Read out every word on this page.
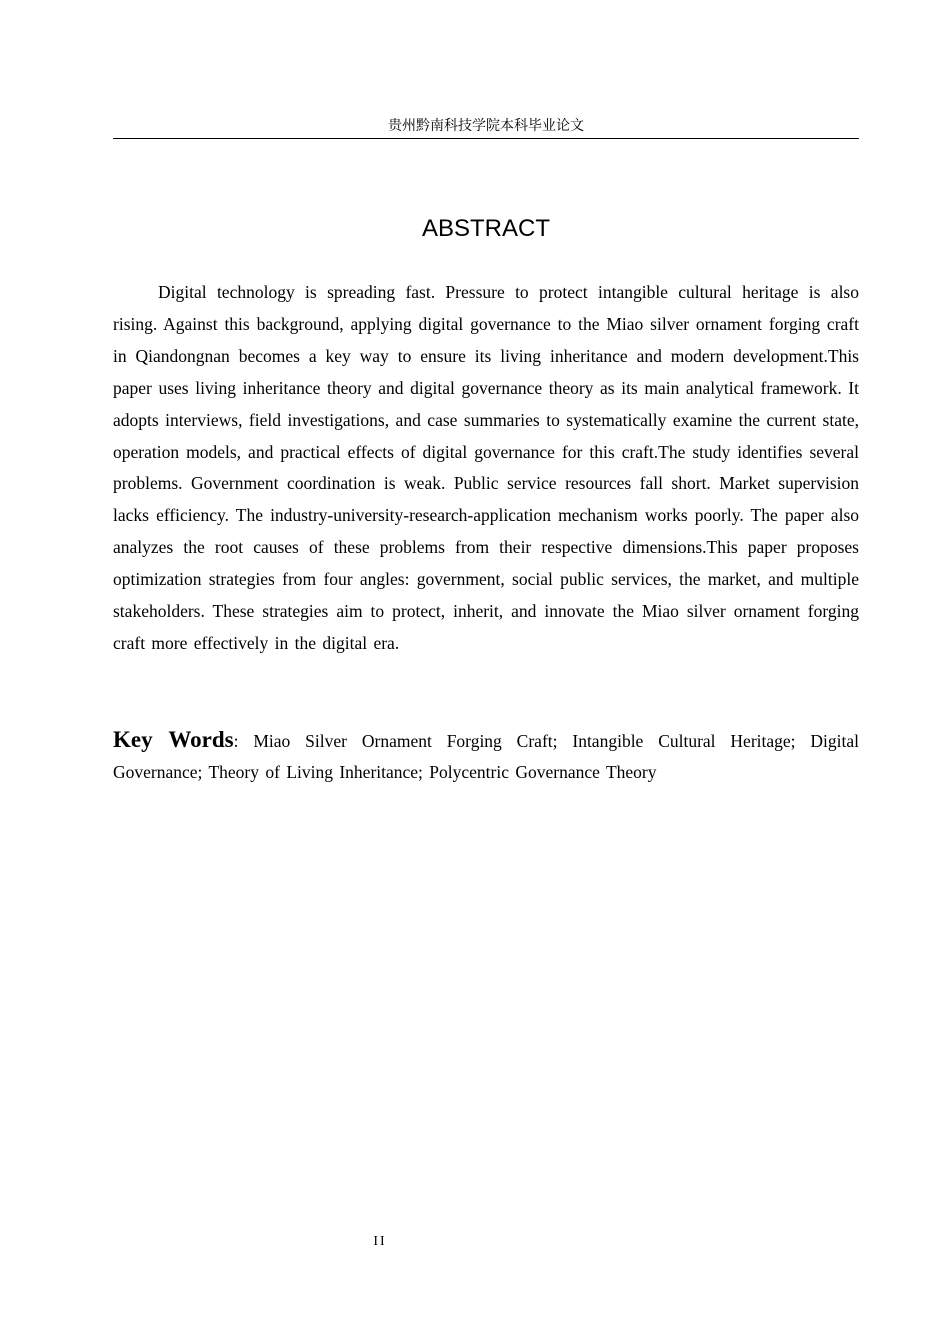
贵州黔南科技学院本科毕业论文
ABSTRACT

Digital technology is spreading fast. Pressure to protect intangible cultural heritage is also rising. Against this background, applying digital governance to the Miao silver ornament forging craft in Qiandongnan becomes a key way to ensure its living inheritance and modern development.This paper uses living inheritance theory and digital governance theory as its main analytical framework. It adopts interviews, field investigations, and case summaries to systematically examine the current state, operation models, and practical effects of digital governance for this craft.The study identifies several problems. Government coordination is weak. Public service resources fall short. Market supervision lacks efficiency. The industry-university-research-application mechanism works poorly. The paper also analyzes the root causes of these problems from their respective dimensions.This paper proposes optimization strategies from four angles: government, social public services, the market, and multiple stakeholders. These strategies aim to protect, inherit, and innovate the Miao silver ornament forging craft more effectively in the digital era.

Key Words: Miao Silver Ornament Forging Craft; Intangible Cultural Heritage; Digital Governance; Theory of Living Inheritance; Polycentric Governance Theory

II
